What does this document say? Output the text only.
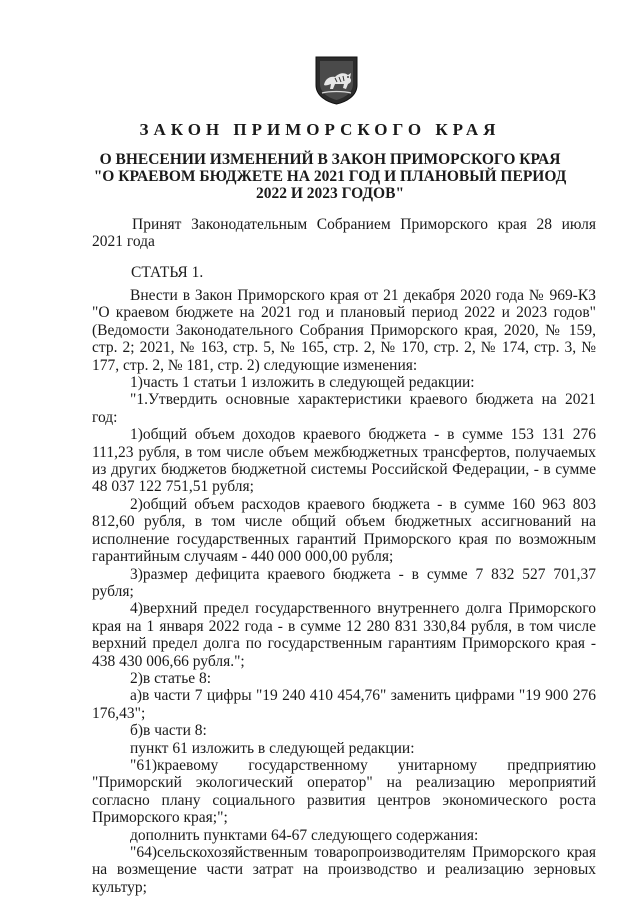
ЗАКОН ПРИМОРСКОГО КРАЯ
О ВНЕСЕНИИ ИЗМЕНЕНИЙ В ЗАКОН ПРИМОРСКОГО КРАЯ
"О КРАЕВОМ БЮДЖЕТЕ НА 2021 ГОД И ПЛАНОВЫЙ ПЕРИОД
2022 И 2023 ГОДОВ"
Принят Законодательным Собранием Приморского края 28 июля
2021 года
СТАТЬЯ 1.

Внести в Закон Приморского края от 21 декабря 2020 года № 969-КЗ "О краевом бюджете на 2021 год и плановый период 2022 и 2023 годов" (Ведомости Законодательного Собрания Приморского края, 2020, № 159, стр. 2; 2021, № 163, стр. 5, № 165, стр. 2, № 170, стр. 2, № 174, стр. 3, № 177, стр. 2, № 181, стр. 2) следующие изменения:

1)часть 1 статьи 1 изложить в следующей редакции:

"1.Утвердить основные характеристики краевого бюджета на 2021 год:

1)общий объем доходов краевого бюджета - в сумме 153 131 276 111,23 рубля, в том числе объем межбюджетных трансфертов, получаемых из других бюджетов бюджетной системы Российской Федерации, - в сумме 48 037 122 751,51 рубля;

2)общий объем расходов краевого бюджета - в сумме 160 963 803 812,60 рубля, в том числе общий объем бюджетных ассигнований на исполнение государственных гарантий Приморского края по возможным гарантийным случаям - 440 000 000,00 рубля;

3)размер дефицита краевого бюджета - в сумме 7 832 527 701,37 рубля;

4)верхний предел государственного внутреннего долга Приморского края на 1 января 2022 года - в сумме 12 280 831 330,84 рубля, в том числе верхний предел долга по государственным гарантиям Приморского края - 438 430 006,66 рубля.";

2)в статье 8:

а)в части 7 цифры "19 240 410 454,76" заменить цифрами "19 900 276 176,43";

б)в части 8:

пункт 61 изложить в следующей редакции:

"61)краевому государственному унитарному предприятию "Приморский экологический оператор" на реализацию мероприятий согласно плану социального развития центров экономического роста Приморского края;";

дополнить пунктами 64-67 следующего содержания:

"64)сельскохозяйственным товаропроизводителям Приморского края на возмещение части затрат на производство и реализацию зерновых культур;
